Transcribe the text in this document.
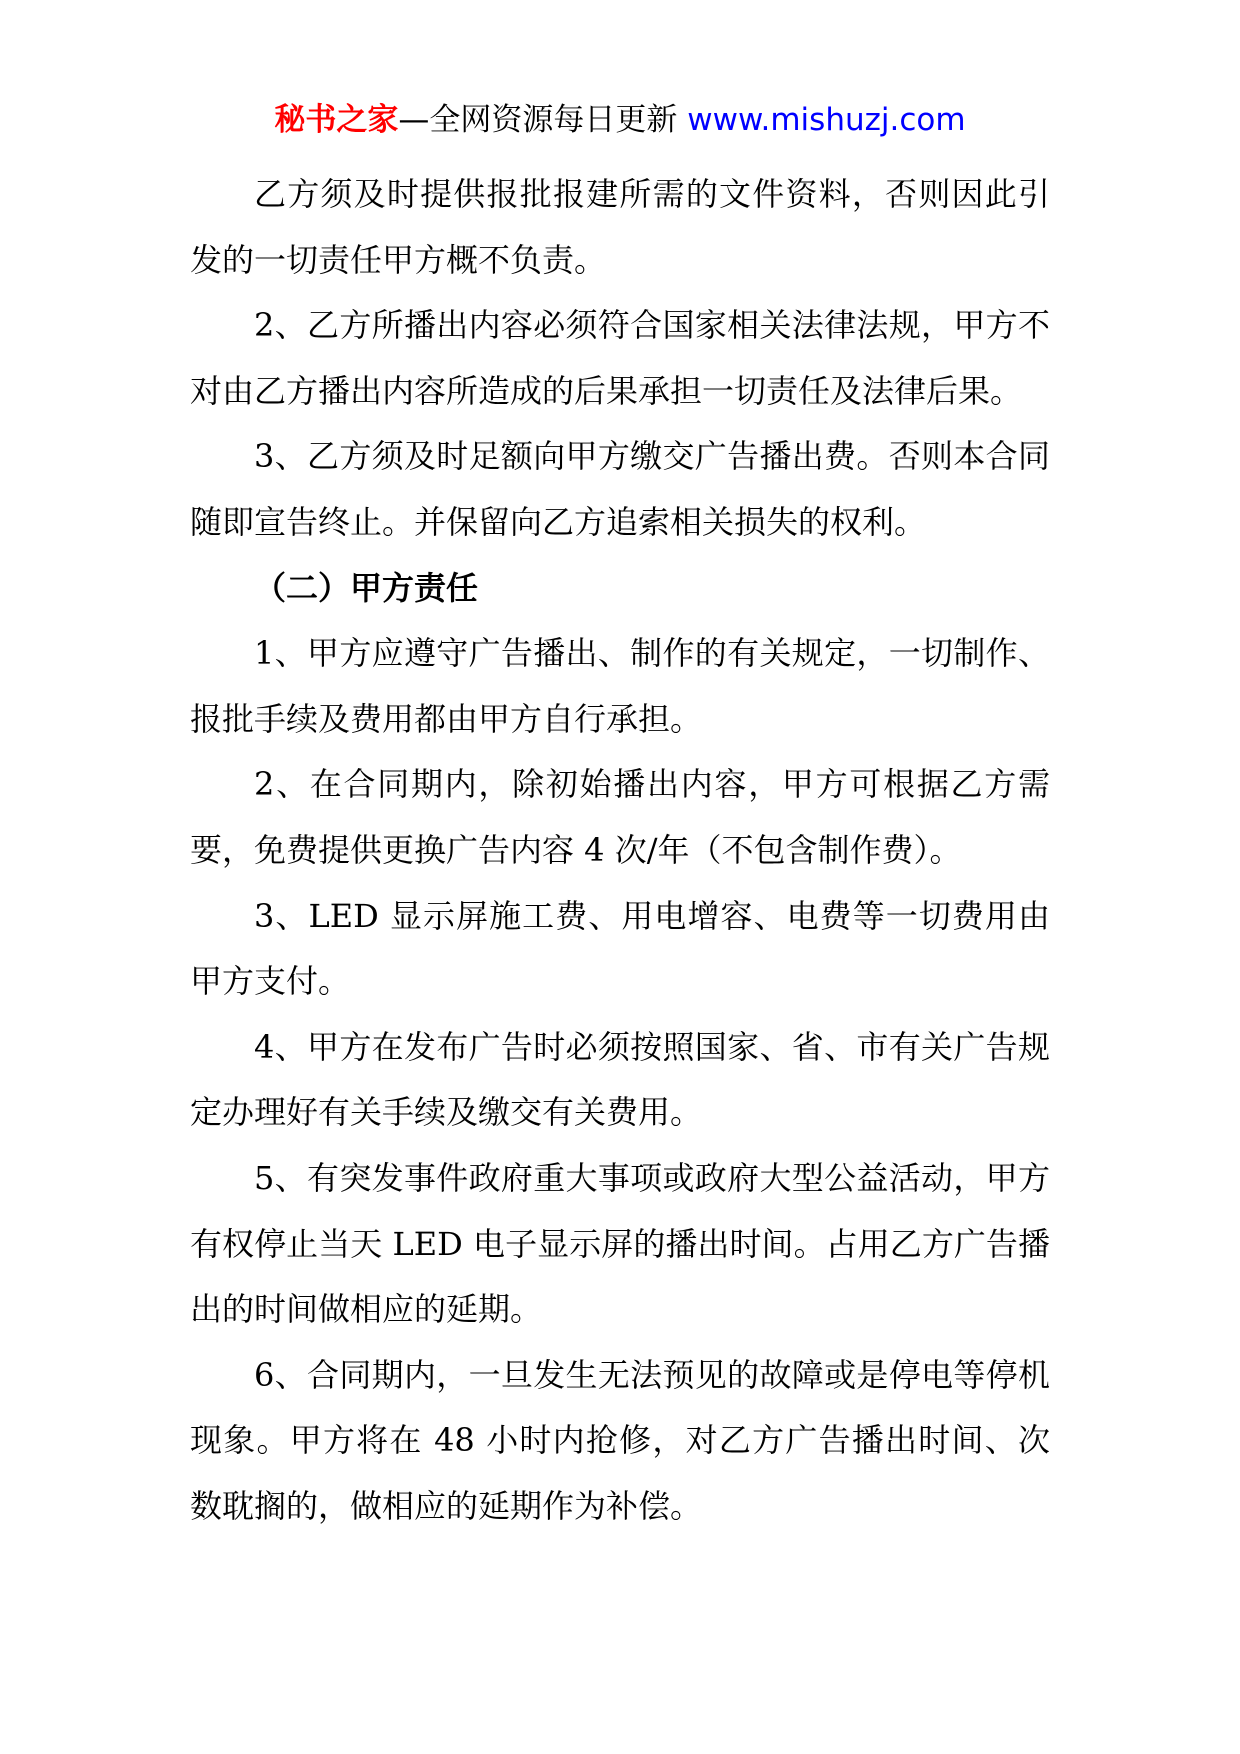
秘书之家—全网资源每日更新 www.mishuzj.com

乙方须及时提供报批报建所需的文件资料，否则因此引发的一切责任甲方概不负责。

2、乙方所播出内容必须符合国家相关法律法规，甲方不对由乙方播出内容所造成的后果承担一切责任及法律后果。

3、乙方须及时足额向甲方缴交广告播出费。否则本合同随即宣告终止。并保留向乙方追索相关损失的权利。

（二）甲方责任

1、甲方应遵守广告播出、制作的有关规定，一切制作、报批手续及费用都由甲方自行承担。

2、在合同期内，除初始播出内容，甲方可根据乙方需要，免费提供更换广告内容 4 次/年（不包含制作费）。

3、LED 显示屏施工费、用电增容、电费等一切费用由甲方支付。

4、甲方在发布广告时必须按照国家、省、市有关广告规定办理好有关手续及缴交有关费用。

5、有突发事件政府重大事项或政府大型公益活动，甲方有权停止当天 LED 电子显示屏的播出时间。占用乙方广告播出的时间做相应的延期。

6、合同期内，一旦发生无法预见的故障或是停电等停机现象。甲方将在 48 小时内抢修，对乙方广告播出时间、次数耽搁的，做相应的延期作为补偿。
